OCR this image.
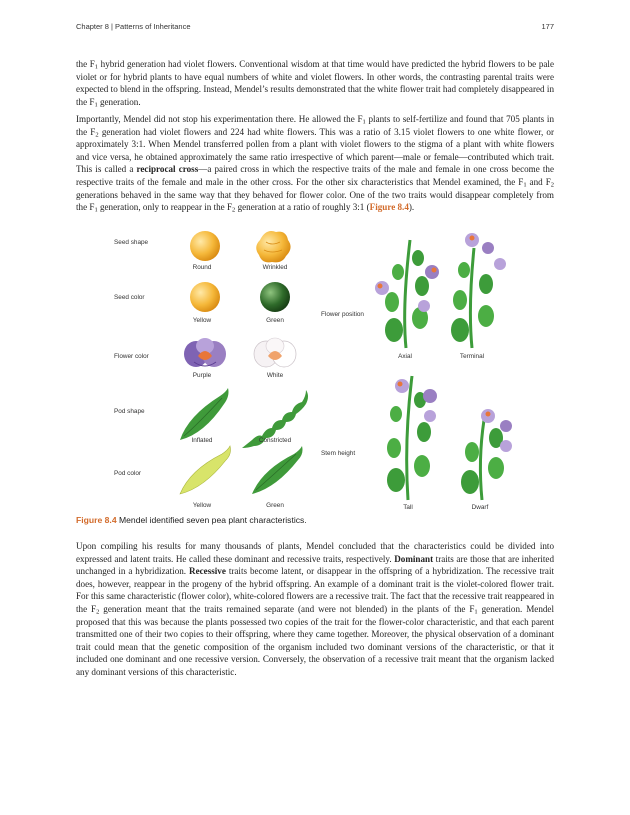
Chapter 8 | Patterns of Inheritance	177

the $F_1$ hybrid generation had violet flowers. Conventional wisdom at that time would have predicted the hybrid flowers to be pale violet or for hybrid plants to have equal numbers of white and violet flowers. In other words, the contrasting parental traits were expected to blend in the offspring. Instead, Mendel’s results demonstrated that the white flower trait had completely disappeared in the $F_1$ generation.

Importantly, Mendel did not stop his experimentation there. He allowed the $F_1$ plants to self-fertilize and found that 705 plants in the $F_2$ generation had violet flowers and 224 had white flowers. This was a ratio of 3.15 violet flowers to one white flower, or approximately 3:1. When Mendel transferred pollen from a plant with violet flowers to the stigma of a plant with white flowers and vice versa, he obtained approximately the same ratio irrespective of which parent—male or female—contributed which trait. This is called a reciprocal cross—a paired cross in which the respective traits of the male and female in one cross become the respective traits of the female and male in the other cross. For the other six characteristics that Mendel examined, the $F_1$ and $F_2$ generations behaved in the same way that they behaved for flower color. One of the two traits would disappear completely from the $F_1$ generation, only to reappear in the $F_2$ generation at a ratio of roughly 3:1 (Figure 8.4).

Seed shape
Round	Wrinkled
Seed color
Yellow	Green
Flower color
Purple	White
Pod shape
Inflated	Constricted
Pod color
Yellow	Green
Flower position
Axial	Terminal
Stem height
Tall	Dwarf
Figure 8.4 Mendel identified seven pea plant characteristics.

Upon compiling his results for many thousands of plants, Mendel concluded that the characteristics could be divided into expressed and latent traits. He called these dominant and recessive traits, respectively. Dominant traits are those that are inherited unchanged in a hybridization. Recessive traits become latent, or disappear in the offspring of a hybridization. The recessive trait does, however, reappear in the progeny of the hybrid offspring. An example of a dominant trait is the violet-colored flower trait. For this same characteristic (flower color), white-colored flowers are a recessive trait. The fact that the recessive trait reappeared in the $F_2$ generation meant that the traits remained separate (and were not blended) in the plants of the $F_1$ generation. Mendel proposed that this was because the plants possessed two copies of the trait for the flower-color characteristic, and that each parent transmitted one of their two copies to their offspring, where they came together. Moreover, the physical observation of a dominant trait could mean that the genetic composition of the organism included two dominant versions of the characteristic, or that it included one dominant and one recessive version. Conversely, the observation of a recessive trait meant that the organism lacked any dominant versions of this characteristic.
